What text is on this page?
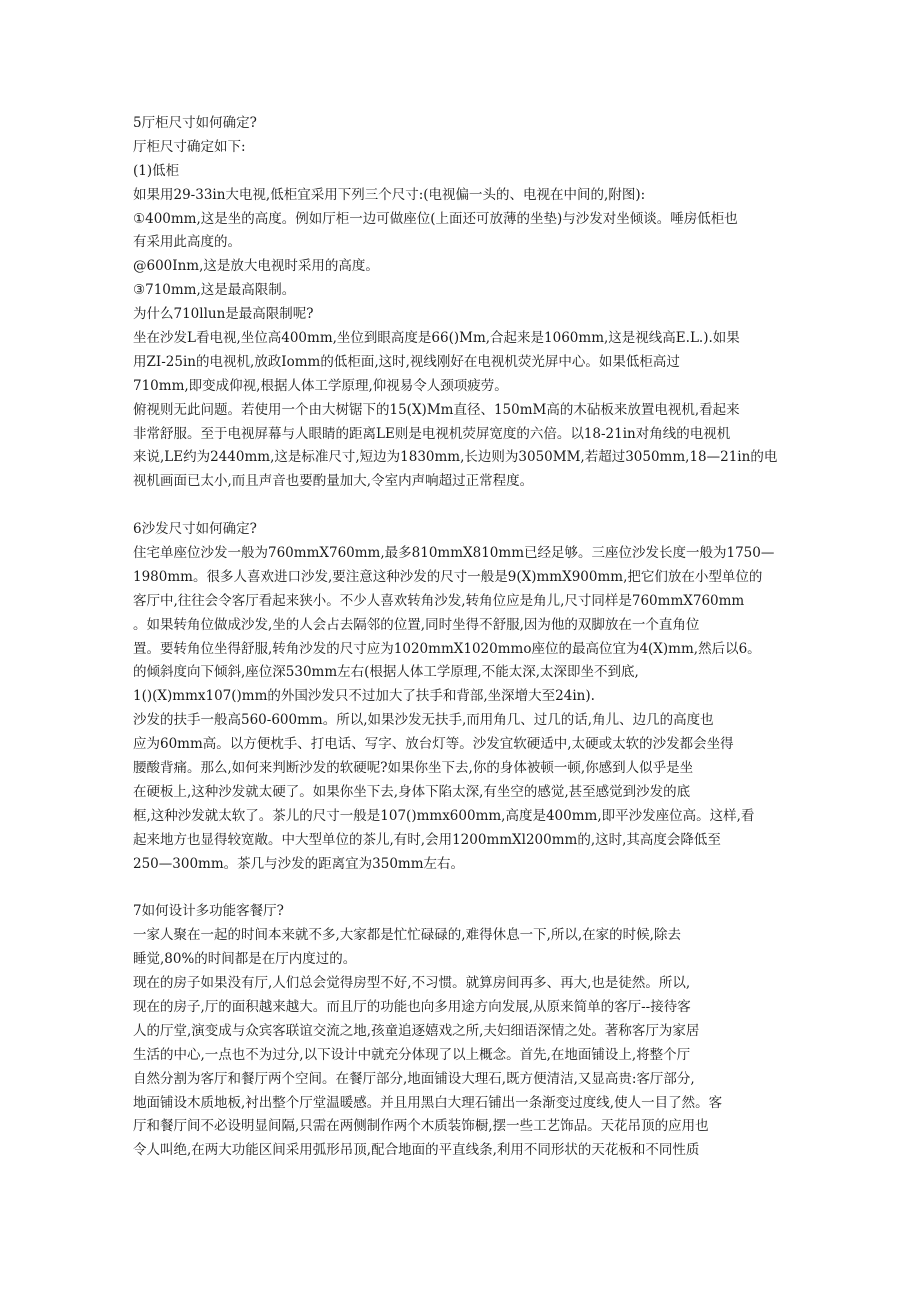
5厅柜尺寸如何确定?
厅柜尺寸确定如下:
(1)低柜
如果用29-33in大电视,低柜宜采用下列三个尺寸:(电视偏一头的、电视在中间的,附图):
①400mm,这是坐的高度。例如厅柜一边可做座位(上面还可放薄的坐垫)与沙发对坐倾谈。唾房低柜也
有采用此高度的。
@600Inm,这是放大电视时采用的高度。
③710mm,这是最高限制。
为什么710llun是最高限制呢?
坐在沙发L看电视,坐位高400mm,坐位到眼高度是66()Mm,合起来是1060mm,这是视线高E.L.).如果
用ZI-25in的电视机,放政Iomm的低柜面,这时,视线刚好在电视机荧光屏中心。如果低柜高过
710mm,即变成仰视,根据人体工学原理,仰视易令人颈项疲劳。
俯视则无此问题。若使用一个由大树锯下的15(X)Mm直径、150mM高的木砧板来放置电视机,看起来
非常舒服。至于电视屏幕与人眼睛的距离LE则是电视机荧屏宽度的六倍。以18-21in对角线的电视机
来说,LE约为2440mm,这是标准尺寸,短边为1830mm,长边则为3050MM,若超过3050mm,18—21in的电
视机画面已太小,而且声音也要酌量加大,令室内声响超过正常程度。
6沙发尺寸如何确定?
住宅单座位沙发一般为760mmX760mm,最多810mmX810mm已经足够。三座位沙发长度一般为1750—
1980mm。很多人喜欢进口沙发,要注意这种沙发的尺寸一般是9(X)mmX900mm,把它们放在小型单位的
客厅中,往往会令客厅看起来狭小。不少人喜欢转角沙发,转角位应是角儿,尺寸同样是760mmX760mm
。如果转角位做成沙发,坐的人会占去隔邻的位置,同时坐得不舒服,因为他的双脚放在一个直角位
置。要转角位坐得舒服,转角沙发的尺寸应为1020mmX1020mmo座位的最高位宜为4(X)mm,然后以6。
的倾斜度向下倾斜,座位深530mm左右(根据人体工学原理,不能太深,太深即坐不到底,
1()(X)mmx107()mm的外国沙发只不过加大了扶手和背部,坐深增大至24in).
沙发的扶手一般高560-600mm。所以,如果沙发无扶手,而用角几、过几的话,角儿、边几的高度也
应为60mm高。以方便枕手、打电话、写字、放台灯等。沙发宜软硬适中,太硬或太软的沙发都会坐得
腰酸背痛。那么,如何来判断沙发的软硬呢?如果你坐下去,你的身体被顿一顿,你感到人似乎是坐
在硬板上,这种沙发就太硬了。如果你坐下去,身体下陷太深,有坐空的感觉,甚至感觉到沙发的底
框,这种沙发就太软了。茶儿的尺寸一般是107()mmx600mm,高度是400mm,即平沙发座位高。这样,看
起来地方也显得较宽敞。中大型单位的茶儿,有时,会用1200mmXl200mm的,这时,其高度会降低至
250—300mm。茶几与沙发的距离宜为350mm左右。
7如何设计多功能客餐厅?
一家人聚在一起的时间本来就不多,大家都是忙忙碌碌的,难得休息一下,所以,在家的时候,除去
睡觉,80%的时间都是在厅内度过的。
现在的房子如果没有厅,人们总会觉得房型不好,不习惯。就算房间再多、再大,也是徒然。所以,
现在的房子,厅的面积越来越大。而且厅的功能也向多用途方向发展,从原来简单的客厅--接待客
人的厅堂,演变成与众宾客联谊交流之地,孩童追逐嬉戏之所,夫妇细语深情之处。著称客厅为家居
生活的中心,一点也不为过分,以下设计中就充分体现了以上概念。首先,在地面铺设上,将整个厅
自然分割为客厅和餐厅两个空间。在餐厅部分,地面铺设大理石,既方便清洁,又显高贵:客厅部分,
地面铺设木质地板,衬出整个厅堂温暖感。并且用黑白大理石铺出一条渐变过度线,使人一目了然。客
厅和餐厅间不必设明显间隔,只需在两侧制作两个木质装饰橱,摆一些工艺饰品。天花吊顶的应用也
令人叫绝,在两大功能区间采用弧形吊顶,配合地面的平直线条,利用不同形状的天花板和不同性质
